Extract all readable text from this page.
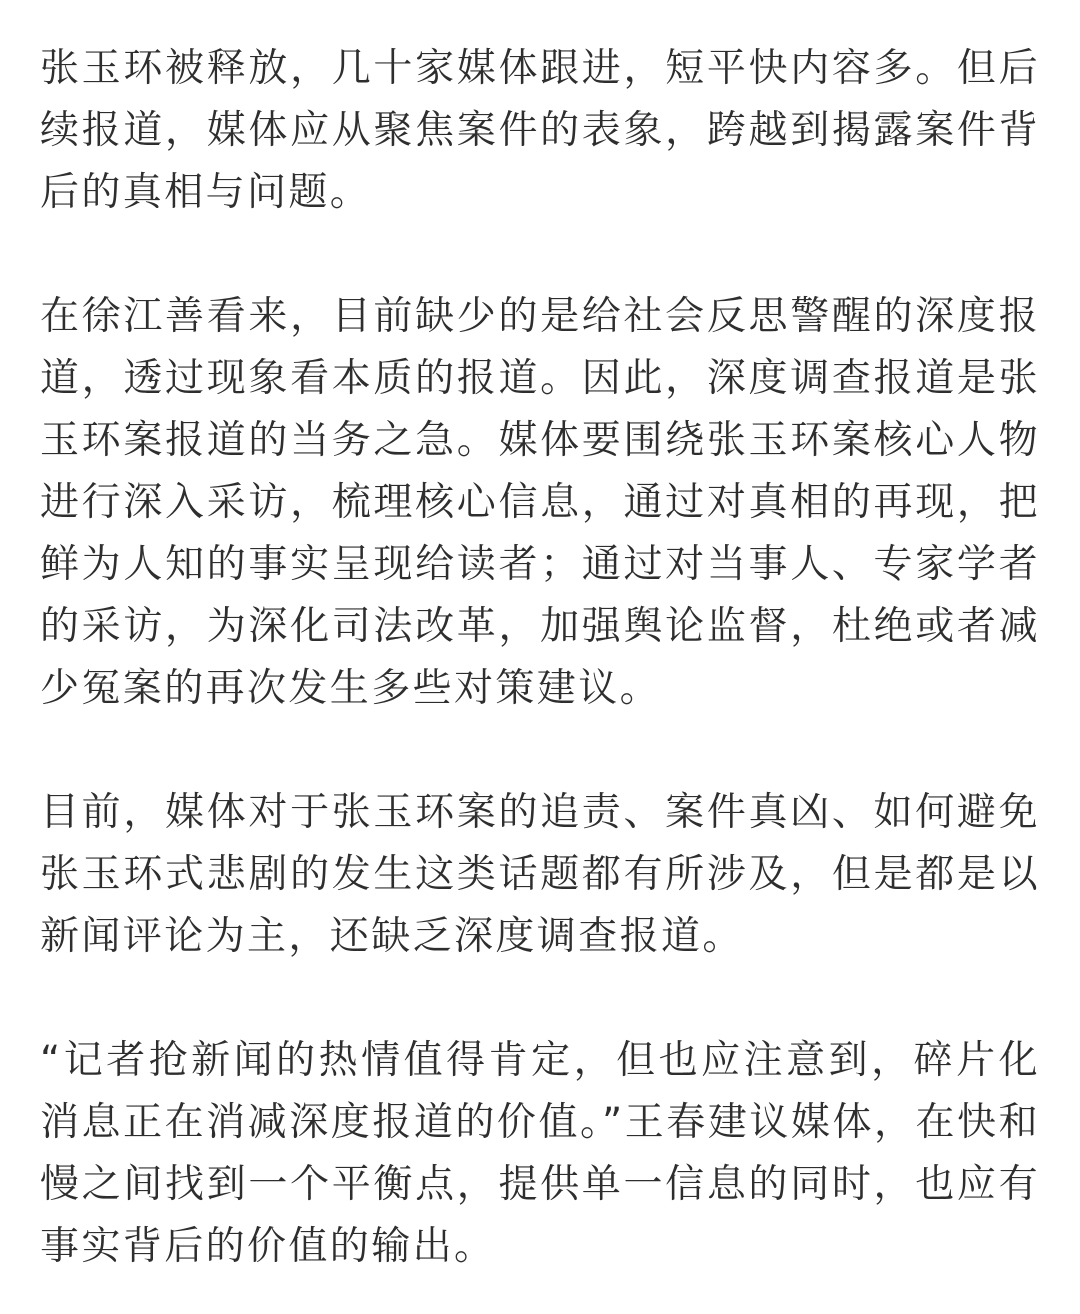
张玉环被释放，几十家媒体跟进，短平快内容多。但后续报道，媒体应从聚焦案件的表象，跨越到揭露案件背后的真相与问题。

在徐江善看来，目前缺少的是给社会反思警醒的深度报道，透过现象看本质的报道。因此，深度调查报道是张玉环案报道的当务之急。媒体要围绕张玉环案核心人物进行深入采访，梳理核心信息，通过对真相的再现，把鲜为人知的事实呈现给读者；通过对当事人、专家学者的采访，为深化司法改革，加强舆论监督，杜绝或者减少冤案的再次发生多些对策建议。

目前，媒体对于张玉环案的追责、案件真凶、如何避免张玉环式悲剧的发生这类话题都有所涉及，但是都是以新闻评论为主，还缺乏深度调查报道。

“记者抢新闻的热情值得肯定，但也应注意到，碎片化消息正在消减深度报道的价值。”王春建议媒体，在快和慢之间找到一个平衡点，提供单一信息的同时，也应有事实背后的价值的输出。
